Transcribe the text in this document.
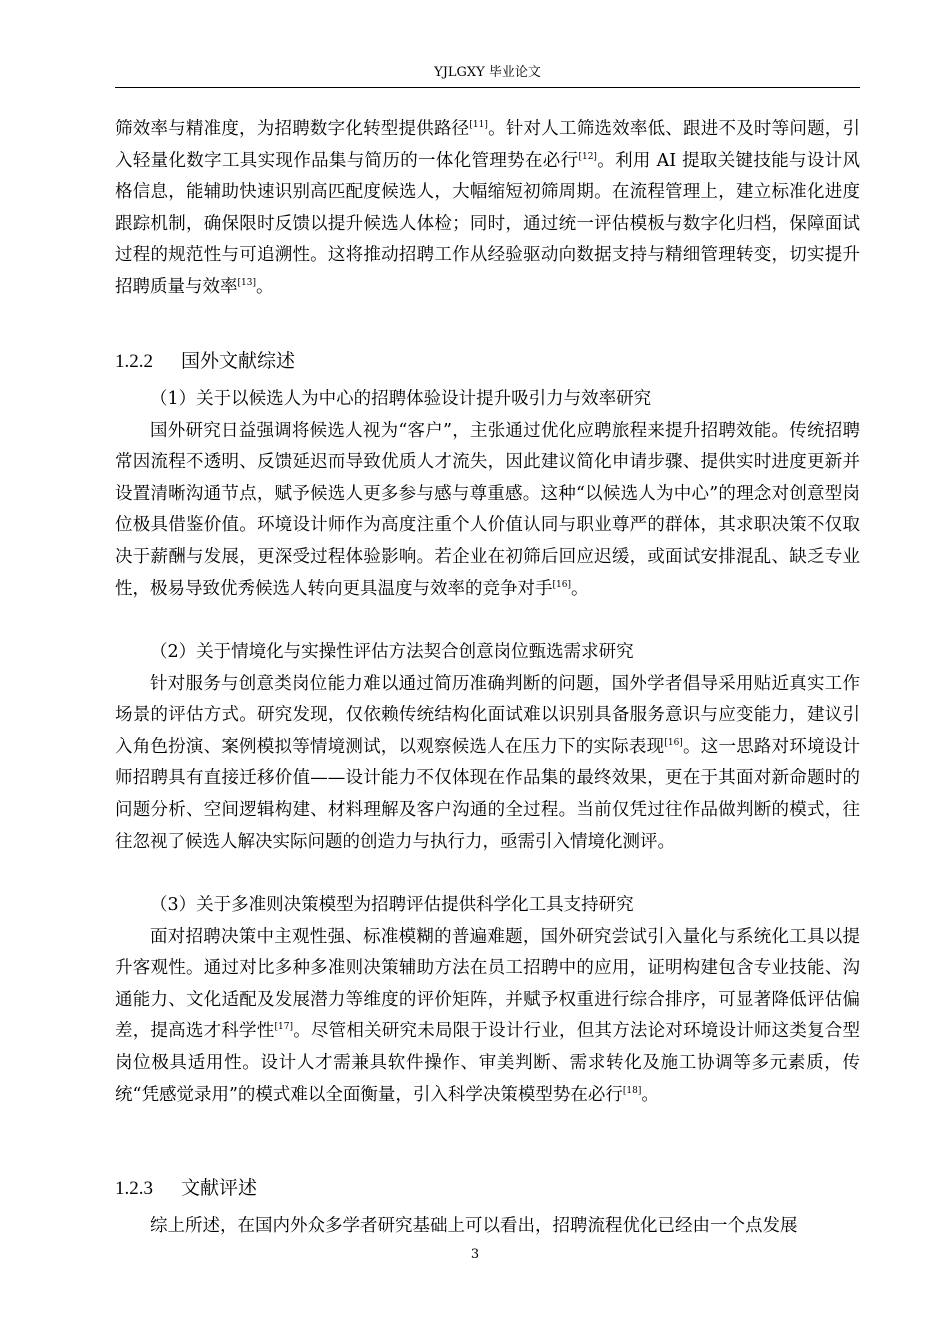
YJLGXY 毕业论文

筛效率与精准度，为招聘数字化转型提供路径[11]。针对人工筛选效率低、跟进不及时等问题，引入轻量化数字工具实现作品集与简历的一体化管理势在必行[12]。利用 AI 提取关键技能与设计风格信息，能辅助快速识别高匹配度候选人，大幅缩短初筛周期。在流程管理上，建立标准化进度跟踪机制，确保限时反馈以提升候选人体检；同时，通过统一评估模板与数字化归档，保障面试过程的规范性与可追溯性。这将推动招聘工作从经验驱动向数据支持与精细管理转变，切实提升招聘质量与效率[13]。

1.2.2 国外文献综述

（1）关于以候选人为中心的招聘体验设计提升吸引力与效率研究

国外研究日益强调将候选人视为“客户”，主张通过优化应聘旅程来提升招聘效能。传统招聘常因流程不透明、反馈延迟而导致优质人才流失，因此建议简化申请步骤、提供实时进度更新并设置清晰沟通节点，赋予候选人更多参与感与尊重感。这种“以候选人为中心”的理念对创意型岗位极具借鉴价值。环境设计师作为高度注重个人价值认同与职业尊严的群体，其求职决策不仅取决于薪酬与发展，更深受过程体验影响。若企业在初筛后回应迟缓，或面试安排混乱、缺乏专业性，极易导致优秀候选人转向更具温度与效率的竞争对手[16]。

（2）关于情境化与实操性评估方法契合创意岗位甄选需求研究

针对服务与创意类岗位能力难以通过简历准确判断的问题，国外学者倡导采用贴近真实工作场景的评估方式。研究发现，仅依赖传统结构化面试难以识别具备服务意识与应变能力，建议引入角色扮演、案例模拟等情境测试，以观察候选人在压力下的实际表现[16]。这一思路对环境设计师招聘具有直接迁移价值——设计能力不仅体现在作品集的最终效果，更在于其面对新命题时的问题分析、空间逻辑构建、材料理解及客户沟通的全过程。当前仅凭过往作品做判断的模式，往往忽视了候选人解决实际问题的创造力与执行力，亟需引入情境化测评。

（3）关于多准则决策模型为招聘评估提供科学化工具支持研究

面对招聘决策中主观性强、标准模糊的普遍难题，国外研究尝试引入量化与系统化工具以提升客观性。通过对比多种多准则决策辅助方法在员工招聘中的应用，证明构建包含专业技能、沟通能力、文化适配及发展潜力等维度的评价矩阵，并赋予权重进行综合排序，可显著降低评估偏差，提高选才科学性[17]。尽管相关研究未局限于设计行业，但其方法论对环境设计师这类复合型岗位极具适用性。设计人才需兼具软件操作、审美判断、需求转化及施工协调等多元素质，传统“凭感觉录用”的模式难以全面衡量，引入科学决策模型势在必行[18]。

1.2.3 文献评述

综上所述，在国内外众多学者研究基础上可以看出，招聘流程优化已经由一个点发展

3
